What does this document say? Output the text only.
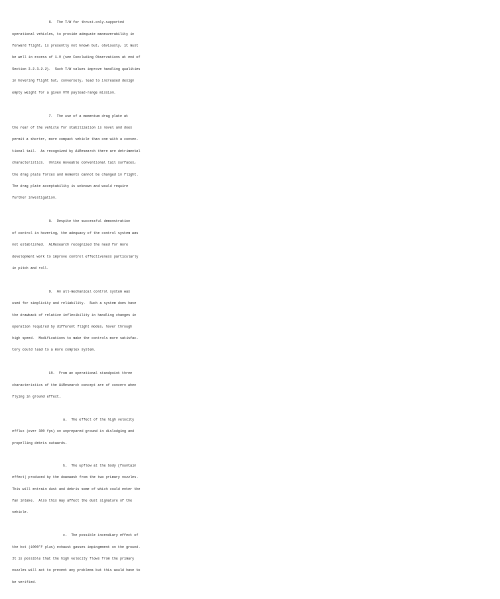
6.  The T/W for thrust-only-supported

operational vehicles, to provide adequate maneuverability in

forward flight, is presently not known but, obviously, it must

be well in excess of 1.0 (see Concluding Observations at end of

Section 3.2.3.2.2).  Such T/W values improve handling qualities

in hovering flight but, conversely, lead to increased design

empty weight for a given VTO payload-range mission.

7.  The use of a momentum drag plate at

the rear of the vehicle for stabilization is novel and does

permit a shorter, more compact vehicle than one with a conven-

tional tail.  As recognized by AiResearch there are detrimental

characteristics.  Unlike moveable conventional tail surfaces,

the drag plate forces and moments cannot be changed in flight.

The drag plate acceptability is unknown and would require

further investigation.

8.  Despite the successful demonstration

of control in hovering, the adequacy of the control system was

not established.  AiResearch recognized the need for more

development work to improve control effectiveness particularly

in pitch and roll.

9.  An all-mechanical control system was

used for simplicity and reliability.  Such a system does have

the drawback of relative inflexibility in handling changes in

operation required by different flight modes, hover through

high speed.  Modifications to make the controls more satisfac-

tory could lead to a more complex system.

10.  From an operational standpoint three

characteristics of the AiResearch concept are of concern when

flying in ground effect.

a.  The effect of the high velocity

efflux (over 300 fps) on unprepared ground in dislodging and

propelling debris outwards.

b.  The upflow at the body (fountain

effect) produced by the downwash from the two primary nozzles.

This will entrain dust and debris some of which could enter the

fan intake.  Also this may affect the dust signature of the

vehicle.

c.  The possible incendiary effect of

the hot (1000°F plus) exhaust gasses impingement on the ground.

It is possible that the high velocity flows from the primary

nozzles will act to prevent any problems but this would have to

be verified.
